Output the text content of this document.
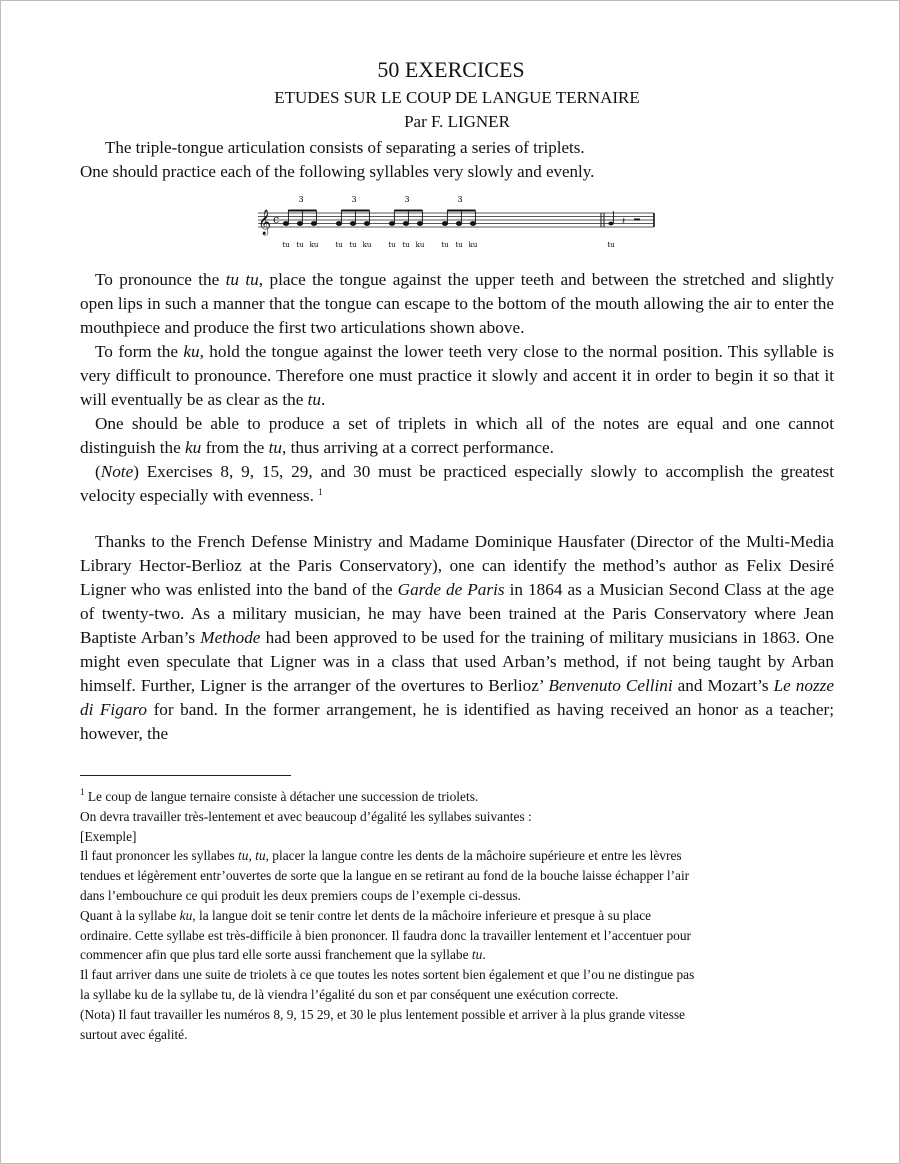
50 EXERCICES
ETUDES SUR LE COUP DE LANGUE TERNAIRE
Par F. LIGNER
The triple-tongue articulation consists of separating a series of triplets.
One should practice each of the following syllables very slowly and evenly.
𝄞 c
3	3	3	3
tu tu ku tu tu ku tu tu ku tu tu ku	tu
𝄽

To pronounce the tu tu, place the tongue against the upper teeth and between the stretched and slightly open lips in such a manner that the tongue can escape to the bottom of the mouth allowing the air to enter the mouthpiece and produce the first two articulations shown above.

To form the ku, hold the tongue against the lower teeth very close to the normal position. This syllable is very difficult to pronounce. Therefore one must practice it slowly and accent it in order to begin it so that it will eventually be as clear as the tu.

One should be able to produce a set of triplets in which all of the notes are equal and one cannot distinguish the ku from the tu, thus arriving at a correct performance.

(Note) Exercises 8, 9, 15, 29, and 30 must be practiced especially slowly to accomplish the greatest velocity especially with evenness. $^1$

Thanks to the French Defense Ministry and Madame Dominique Hausfater (Director of the Multi-Media Library Hector-Berlioz at the Paris Conservatory), one can identify the method’s author as Felix Desiré Ligner who was enlisted into the band of the Garde de Paris in 1864 as a Musician Second Class at the age of twenty-two. As a military musician, he may have been trained at the Paris Conservatory where Jean Baptiste Arban’s Methode had been approved to be used for the training of military musicians in 1863. One might even speculate that Ligner was in a class that used Arban’s method, if not being taught by Arban himself. Further, Ligner is the arranger of the overtures to Berlioz’ Benvenuto Cellini and Mozart’s Le nozze di Figaro for band. In the former arrangement, he is identified as having received an honor as a teacher; however, the

$^1$ Le coup de langue ternaire consiste à détacher une succession de triolets.
On devra travailler très-lentement et avec beaucoup d’égalité les syllabes suivantes :
[Exemple]
Il faut prononcer les syllabes tu, tu, placer la langue contre les dents de la mâchoire supérieure et entre les lèvres
tendues et légèrement entr’ouvertes de sorte que la langue en se retirant au fond de la bouche laisse échapper l’air
dans l’embouchure ce qui produit les deux premiers coups de l’exemple ci-dessus.
Quant à la syllabe ku, la langue doit se tenir contre let dents de la mâchoire inferieure et presque à su place
ordinaire. Cette syllabe est très-difficile à bien prononcer. Il faudra donc la travailler lentement et l’accentuer pour
commencer afin que plus tard elle sorte aussi franchement que la syllabe tu.
Il faut arriver dans une suite de triolets à ce que toutes les notes sortent bien également et que l’ou ne distingue pas
la syllabe ku de la syllabe tu, de là viendra l’égalité du son et par conséquent une exécution correcte.
(Nota) Il faut travailler les numéros 8, 9, 15 29, et 30 le plus lentement possible et arriver à la plus grande vitesse
surtout avec égalité.
